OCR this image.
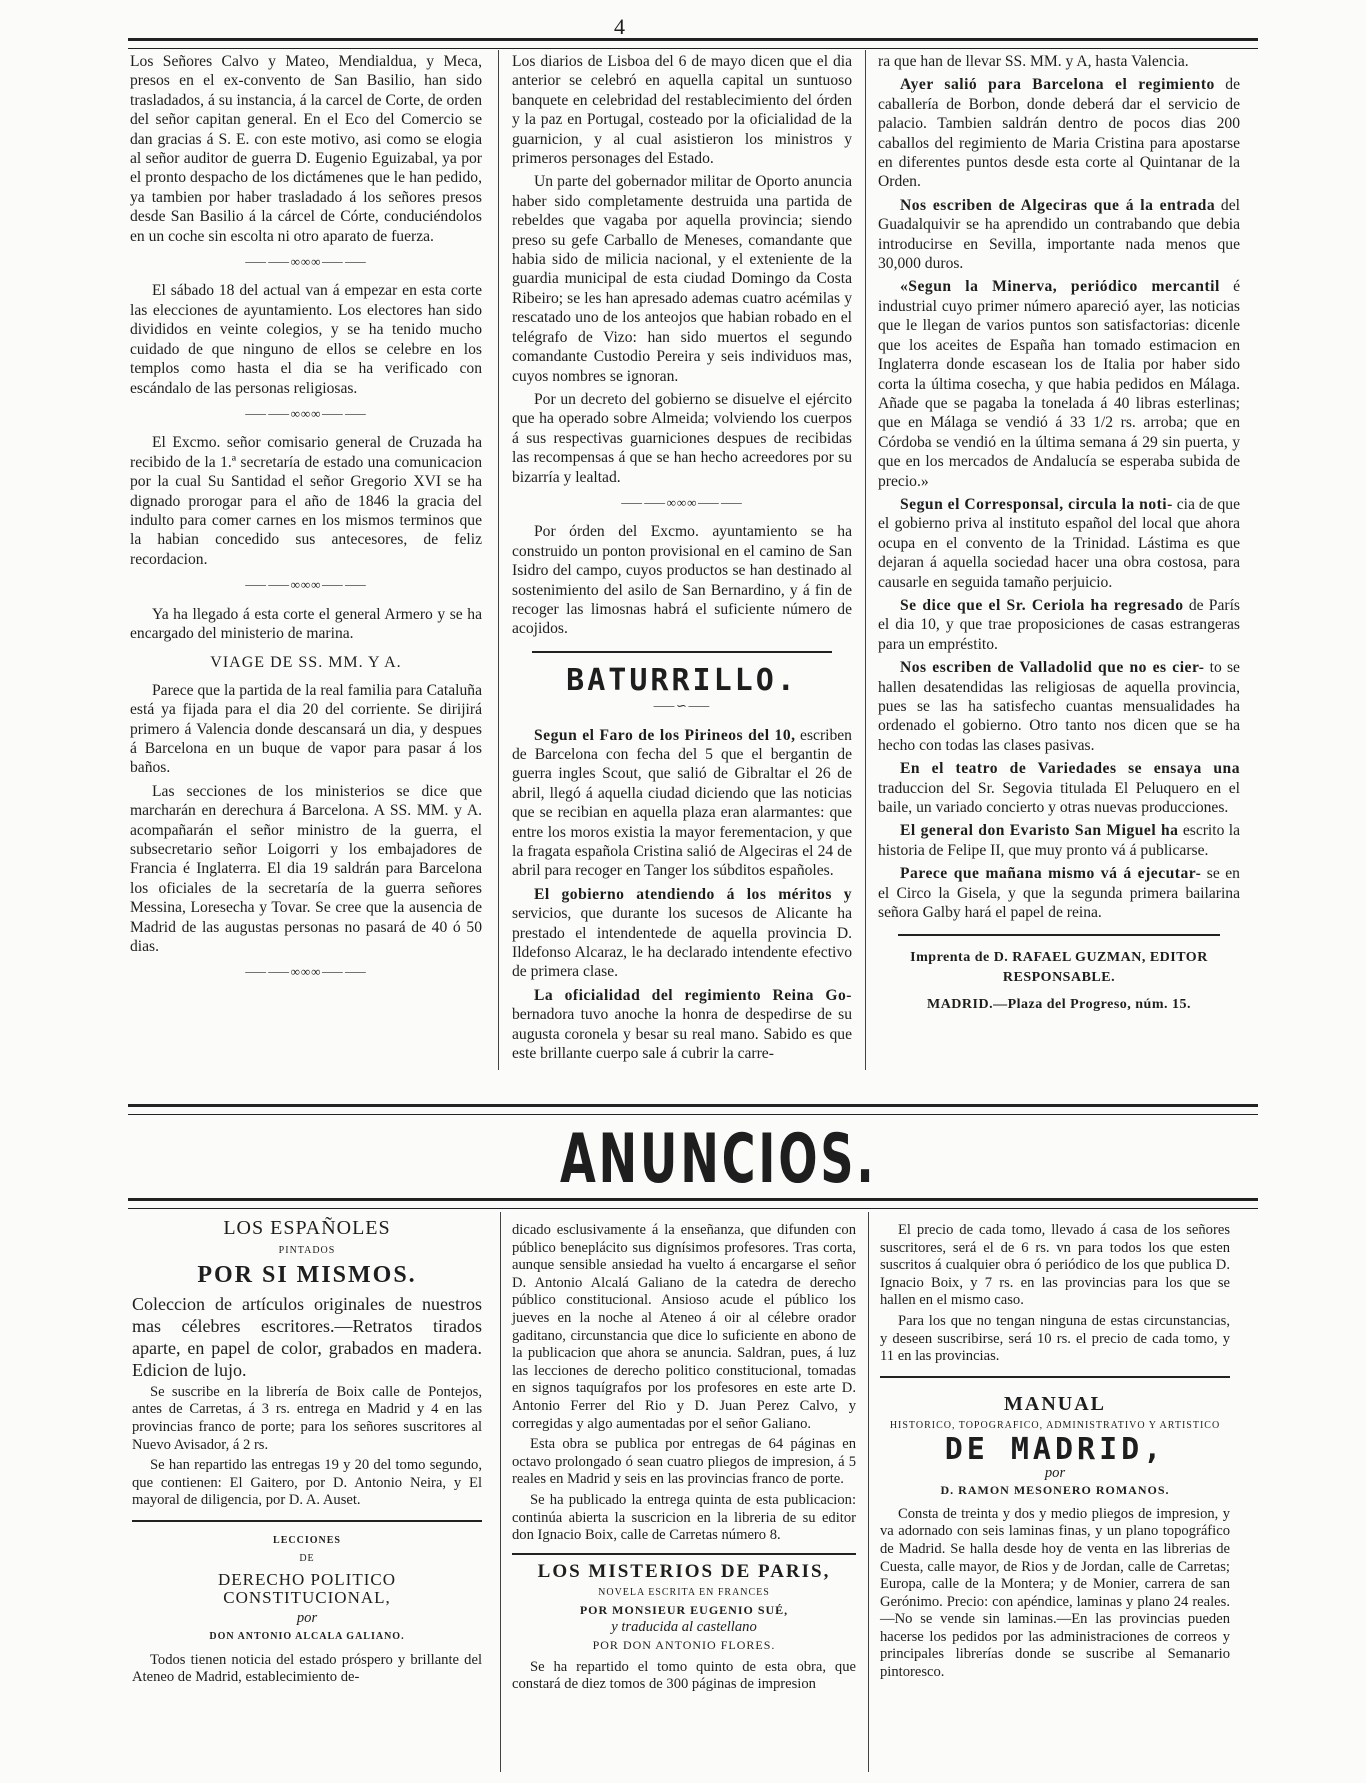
4

Los Señores Calvo y Mateo, Mendialdua, y Meca, presos en el ex-convento de San Basilio, han sido trasladados, á su instancia, á la carcel de Corte, de orden del señor capitan general. En el Eco del Comercio se dan gracias á S. E. con este motivo, asi como se elogia al señor auditor de guerra D. Eugenio Eguizabal, ya por el pronto despacho de los dictámenes que le han pedido, ya tambien por haber trasladado á los señores presos desde San Basilio á la cárcel de Córte, conduciéndolos en un coche sin escolta ni otro aparato de fuerza.

⸺⸺∞∞∞⸺⸺

El sábado 18 del actual van á empezar en esta corte las elecciones de ayuntamiento. Los electores han sido divididos en veinte colegios, y se ha tenido mucho cuidado de que ninguno de ellos se celebre en los templos como hasta el dia se ha verificado con escándalo de las personas religiosas.

⸺⸺∞∞∞⸺⸺

El Excmo. señor comisario general de Cruzada ha recibido de la 1.ª secretaría de estado una comunicacion por la cual Su Santidad el señor Gregorio XVI se ha dignado prorogar para el año de 1846 la gracia del indulto para comer carnes en los mismos terminos que la habian concedido sus antecesores, de feliz recordacion.

⸺⸺∞∞∞⸺⸺

Ya ha llegado á esta corte el general Armero y se ha encargado del ministerio de marina.

VIAGE DE SS. MM. Y A.

Parece que la partida de la real familia para Cataluña está ya fijada para el dia 20 del corriente. Se dirijirá primero á Valencia donde descansará un dia, y despues á Barcelona en un buque de vapor para pasar á los baños.

Las secciones de los ministerios se dice que marcharán en derechura á Barcelona. A SS. MM. y A. acompañarán el señor ministro de la guerra, el subsecretario señor Loigorri y los embajadores de Francia é Inglaterra. El dia 19 saldrán para Barcelona los oficiales de la secretaría de la guerra señores Messina, Loresecha y Tovar. Se cree que la ausencia de Madrid de las augustas personas no pasará de 40 ó 50 dias.

⸺⸺∞∞∞⸺⸺

Los diarios de Lisboa del 6 de mayo dicen que el dia anterior se celebró en aquella capital un suntuoso banquete en celebridad del restablecimiento del órden y la paz en Portugal, costeado por la oficialidad de la guarnicion, y al cual asistieron los ministros y primeros personages del Estado.

Un parte del gobernador militar de Oporto anuncia haber sido completamente destruida una partida de rebeldes que vagaba por aquella provincia; siendo preso su gefe Carballo de Meneses, comandante que habia sido de milicia nacional, y el exteniente de la guardia municipal de esta ciudad Domingo da Costa Ribeiro; se les han apresado ademas cuatro acémilas y rescatado uno de los anteojos que habian robado en el telégrafo de Vizo: han sido muertos el segundo comandante Custodio Pereira y seis individuos mas, cuyos nombres se ignoran.

Por un decreto del gobierno se disuelve el ejército que ha operado sobre Almeida; volviendo los cuerpos á sus respectivas guarniciones despues de recibidas las recompensas á que se han hecho acreedores por su bizarría y lealtad.

⸺⸺∞∞∞⸺⸺

Por órden del Excmo. ayuntamiento se ha construido un ponton provisional en el camino de San Isidro del campo, cuyos productos se han destinado al sostenimiento del asilo de San Bernardino, y á fin de recoger las limosnas habrá el suficiente número de acojidos.

BATURRILLO.
⸺∽⸺

Segun el Faro de los Pirineos del 10, escriben de Barcelona con fecha del 5 que el bergantin de guerra ingles Scout, que salió de Gibraltar el 26 de abril, llegó á aquella ciudad diciendo que las noticias que se recibian en aquella plaza eran alarmantes: que entre los moros existia la mayor ferementacion, y que la fragata española Cristina salió de Algeciras el 24 de abril para recoger en Tanger los súbditos españoles.

El gobierno atendiendo á los méritos y servicios, que durante los sucesos de Alicante ha prestado el intendentede de aquella provincia D. Ildefonso Alcaraz, le ha declarado intendente efectivo de primera clase.

La oficialidad del regimiento Reina Go- bernadora tuvo anoche la honra de despedirse de su augusta coronela y besar su real mano. Sabido es que este brillante cuerpo sale á cubrir la carre-

ra que han de llevar SS. MM. y A, hasta Valencia.

Ayer salió para Barcelona el regimiento de caballería de Borbon, donde deberá dar el servicio de palacio. Tambien saldrán dentro de pocos dias 200 caballos del regimiento de Maria Cristina para apostarse en diferentes puntos desde esta corte al Quintanar de la Orden.

Nos escriben de Algeciras que á la entrada del Guadalquivir se ha aprendido un contrabando que debia introducirse en Sevilla, importante nada menos que 30,000 duros.

«Segun la Minerva, periódico mercantil é industrial cuyo primer número apareció ayer, las noticias que le llegan de varios puntos son satisfactorias: dicenle que los aceites de España han tomado estimacion en Inglaterra donde escasean los de Italia por haber sido corta la última cosecha, y que habia pedidos en Málaga. Añade que se pagaba la tonelada á 40 libras esterlinas; que en Málaga se vendió á 33 1/2 rs. arroba; que en Córdoba se vendió en la última semana á 29 sin puerta, y que en los mercados de Andalucía se esperaba subida de precio.»

Segun el Corresponsal, circula la noti- cia de que el gobierno priva al instituto español del local que ahora ocupa en el convento de la Trinidad. Lástima es que dejaran á aquella sociedad hacer una obra costosa, para causarle en seguida tamaño perjuicio.

Se dice que el Sr. Ceriola ha regresado de París el dia 10, y que trae proposiciones de casas estrangeras para un empréstito.

Nos escriben de Valladolid que no es cier- to se hallen desatendidas las religiosas de aquella provincia, pues se las ha satisfecho cuantas mensualidades ha ordenado el gobierno. Otro tanto nos dicen que se ha hecho con todas las clases pasivas.

En el teatro de Variedades se ensaya una traduccion del Sr. Segovia titulada El Peluquero en el baile, un variado concierto y otras nuevas producciones.

El general don Evaristo San Miguel ha escrito la historia de Felipe II, que muy pronto vá á publicarse.

Parece que mañana mismo vá á ejecutar- se en el Circo la Gisela, y que la segunda primera bailarina señora Galby hará el papel de reina.

Imprenta de D. RAFAEL GUZMAN, EDITOR RESPONSABLE.
MADRID.—Plaza del Progreso, núm. 15.
ANUNCIOS.
LOS ESPAÑOLES
PINTADOS
POR SI MISMOS.

Coleccion de artículos originales de nuestros mas célebres escritores.—Retratos tirados aparte, en papel de color, grabados en madera. Edicion de lujo.

Se suscribe en la librería de Boix calle de Pontejos, antes de Carretas, á 3 rs. entrega en Madrid y 4 en las provincias franco de porte; para los señores suscritores al Nuevo Avisador, á 2 rs.

Se han repartido las entregas 19 y 20 del tomo segundo, que contienen: El Gaitero, por D. Antonio Neira, y El mayoral de diligencia, por D. A. Auset.

LECCIONES
DE
DERECHO POLITICO CONSTITUCIONAL,
por
DON ANTONIO ALCALA GALIANO.

Todos tienen noticia del estado próspero y brillante del Ateneo de Madrid, establecimiento de-

dicado esclusivamente á la enseñanza, que difunden con público beneplácito sus dignísimos profesores. Tras corta, aunque sensible ansiedad ha vuelto á encargarse el señor D. Antonio Alcalá Galiano de la catedra de derecho público constitucional. Ansioso acude el público los jueves en la noche al Ateneo á oir al célebre orador gaditano, circunstancia que dice lo suficiente en abono de la publicacion que ahora se anuncia. Saldran, pues, á luz las lecciones de derecho politico constitucional, tomadas en signos taquígrafos por los profesores en este arte D. Antonio Ferrer del Rio y D. Juan Perez Calvo, y corregidas y algo aumentadas por el señor Galiano.

Esta obra se publica por entregas de 64 páginas en octavo prolongado ó sean cuatro pliegos de impresion, á 5 reales en Madrid y seis en las provincias franco de porte.

Se ha publicado la entrega quinta de esta publicacion: continúa abierta la suscricion en la libreria de su editor don Ignacio Boix, calle de Carretas número 8.

LOS MISTERIOS DE PARIS,
NOVELA ESCRITA EN FRANCES
POR MONSIEUR EUGENIO SUÉ,
y traducida al castellano
POR DON ANTONIO FLORES.

Se ha repartido el tomo quinto de esta obra, que constará de diez tomos de 300 páginas de impresion

El precio de cada tomo, llevado á casa de los señores suscritores, será el de 6 rs. vn para todos los que esten suscritos á cualquier obra ó periódico de los que publica D. Ignacio Boix, y 7 rs. en las provincias para los que se hallen en el mismo caso.

Para los que no tengan ninguna de estas circunstancias, y deseen suscribirse, será 10 rs. el precio de cada tomo, y 11 en las provincias.

MANUAL
HISTORICO, TOPOGRAFICO, ADMINISTRATIVO Y ARTISTICO
DE MADRID,
por
D. RAMON MESONERO ROMANOS.

Consta de treinta y dos y medio pliegos de impresion, y va adornado con seis laminas finas, y un plano topográfico de Madrid. Se halla desde hoy de venta en las librerias de Cuesta, calle mayor, de Rios y de Jordan, calle de Carretas; Europa, calle de la Montera; y de Monier, carrera de san Gerónimo. Precio: con apéndice, laminas y plano 24 reales.—No se vende sin laminas.—En las provincias pueden hacerse los pedidos por las administraciones de correos y principales librerías donde se suscribe al Semanario pintoresco.
